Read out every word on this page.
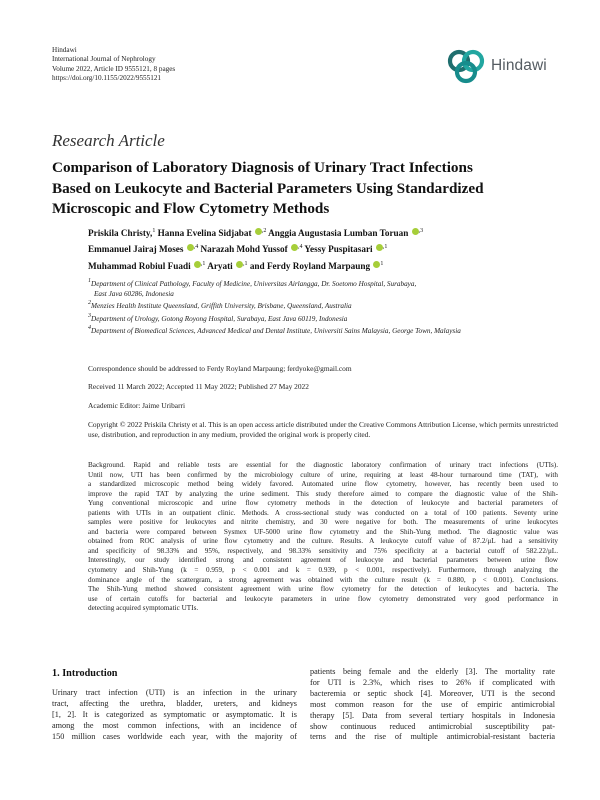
Hindawi
International Journal of Nephrology
Volume 2022, Article ID 9555121, 8 pages
https://doi.org/10.1155/2022/9555121
Hindawi
Research Article
Comparison of Laboratory Diagnosis of Urinary Tract Infections
Based on Leukocyte and Bacterial Parameters Using Standardized
Microscopic and Flow Cytometry Methods
Priskila Christy,$^1$ Hanna Evelina Sidjabat $^{,2}$ Anggia Augustasia Lumban Toruan $^{,3}$
Emmanuel Jairaj Moses $^{,4}$ Narazah Mohd Yussof $^{,4}$ Yessy Puspitasari $^{,1}$
Muhammad Robiul Fuadi $^{,1}$ Aryati $^{,1}$ and Ferdy Royland Marpaung $^1$
$^1$Department of Clinical Pathology, Faculty of Medicine, Universitas Airlangga, Dr. Soetomo Hospital, Surabaya,
East Java 60286, Indonesia
$^2$Menzies Health Institute Queensland, Griffith University, Brisbane, Queensland, Australia
$^3$Department of Urology, Gotong Royong Hospital, Surabaya, East Java 60119, Indonesia
$^4$Department of Biomedical Sciences, Advanced Medical and Dental Institute, Universiti Sains Malaysia, George Town, Malaysia
Correspondence should be addressed to Ferdy Royland Marpaung; ferdyoke@gmail.com
Received 11 March 2022; Accepted 11 May 2022; Published 27 May 2022
Academic Editor: Jaime Uribarri
Copyright © 2022 Priskila Christy et al. This is an open access article distributed under the Creative Commons Attribution License, which permits unrestricted use, distribution, and reproduction in any medium, provided the original work is properly cited.
Background. Rapid and reliable tests are essential for the diagnostic laboratory confirmation of urinary tract infections (UTIs).
Until now, UTI has been confirmed by the microbiology culture of urine, requiring at least 48-hour turnaround time (TAT), with
a standardized microscopic method being widely favored. Automated urine flow cytometry, however, has recently been used to
improve the rapid TAT by analyzing the urine sediment. This study therefore aimed to compare the diagnostic value of the Shih-
Yung conventional microscopic and urine flow cytometry methods in the detection of leukocyte and bacterial parameters of
patients with UTIs in an outpatient clinic. Methods. A cross-sectional study was conducted on a total of 100 patients. Seventy urine
samples were positive for leukocytes and nitrite chemistry, and 30 were negative for both. The measurements of urine leukocytes
and bacteria were compared between Sysmex UF-5000 urine flow cytometry and the Shih-Yung method. The diagnostic value was
obtained from ROC analysis of urine flow cytometry and the culture. Results. A leukocyte cutoff value of 87.2/μL had a sensitivity
and specificity of 98.33% and 95%, respectively, and 98.33% sensitivity and 75% specificity at a bacterial cutoff of 582.22/μL.
Interestingly, our study identified strong and consistent agreement of leukocyte and bacterial parameters between urine flow
cytometry and Shih-Yung (k = 0.959, p < 0.001 and k = 0.939, p < 0.001, respectively). Furthermore, through analyzing the
dominance angle of the scattergram, a strong agreement was obtained with the culture result (k = 0.880, p < 0.001). Conclusions.
The Shih-Yung method showed consistent agreement with urine flow cytometry for the detection of leukocytes and bacteria. The
use of certain cutoffs for bacterial and leukocyte parameters in urine flow cytometry demonstrated very good performance in
detecting acquired symptomatic UTIs.
1. Introduction
Urinary tract infection (UTI) is an infection in the urinary
tract, affecting the urethra, bladder, ureters, and kidneys
[1, 2]. It is categorized as symptomatic or asymptomatic. It is
among the most common infections, with an incidence of
150 million cases worldwide each year, with the majority of
patients being female and the elderly [3]. The mortality rate
for UTI is 2.3%, which rises to 26% if complicated with
bacteremia or septic shock [4]. Moreover, UTI is the second
most common reason for the use of empiric antimicrobial
therapy [5]. Data from several tertiary hospitals in Indonesia
show continuous reduced antimicrobial susceptibility pat-
terns and the rise of multiple antimicrobial-resistant bacteria
